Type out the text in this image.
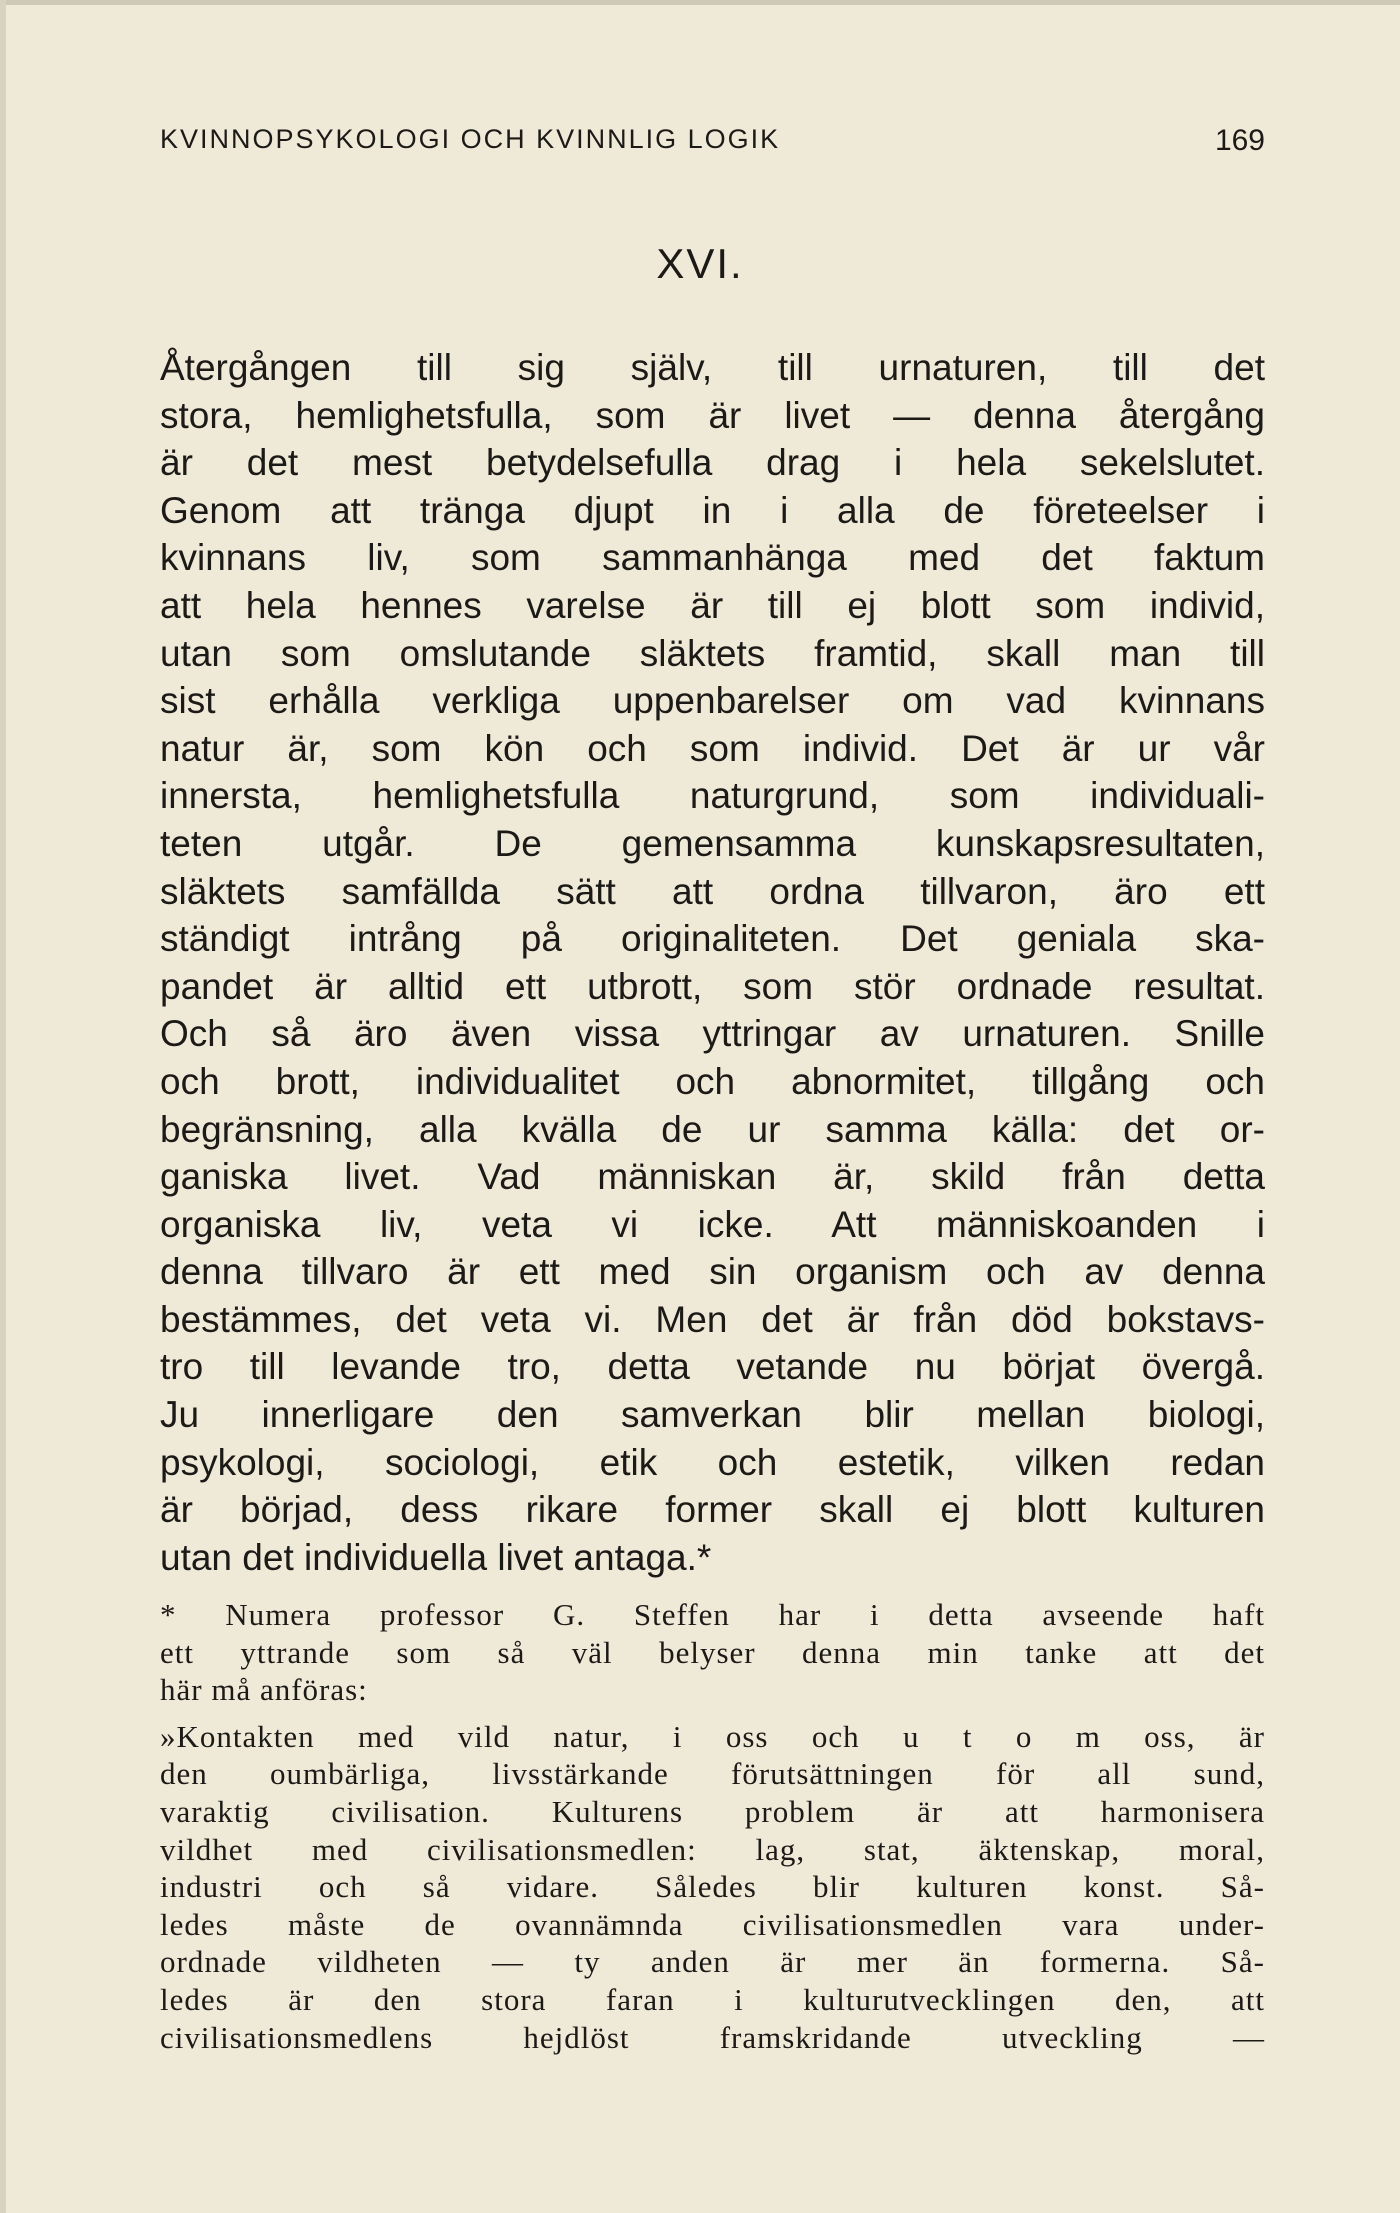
KVINNOPSYKOLOGI OCH KVINNLIG LOGIK	169
XVI.
Återgången till sig själv, till urnaturen, till det
stora, hemlighetsfulla, som är livet — denna återgång
är det mest betydelsefulla drag i hela sekelslutet.
Genom att tränga djupt in i alla de företeelser i
kvinnans liv, som sammanhänga med det faktum
att hela hennes varelse är till ej blott som individ,
utan som omslutande släktets framtid, skall man till
sist erhålla verkliga uppenbarelser om vad kvinnans
natur är, som kön och som individ. Det är ur vår
innersta, hemlighetsfulla naturgrund, som individuali-
teten utgår. De gemensamma kunskapsresultaten,
släktets samfällda sätt att ordna tillvaron, äro ett
ständigt intrång på originaliteten. Det geniala ska-
pandet är alltid ett utbrott, som stör ordnade resultat.
Och så äro även vissa yttringar av urnaturen. Snille
och brott, individualitet och abnormitet, tillgång och
begränsning, alla kvälla de ur samma källa: det or-
ganiska livet. Vad människan är, skild från detta
organiska liv, veta vi icke. Att människoanden i
denna tillvaro är ett med sin organism och av denna
bestämmes, det veta vi. Men det är från död bokstavs-
tro till levande tro, detta vetande nu börjat övergå.
Ju innerligare den samverkan blir mellan biologi,
psykologi, sociologi, etik och estetik, vilken redan
är börjad, dess rikare former skall ej blott kulturen
utan det individuella livet antaga.*
* Numera professor G. Steffen har i detta avseende haft
ett yttrande som så väl belyser denna min tanke att det
här må anföras:
»Kontakten med vild natur, i oss och u t o m oss, är
den oumbärliga, livsstärkande förutsättningen för all sund,
varaktig civilisation. Kulturens problem är att harmonisera
vildhet med civilisationsmedlen: lag, stat, äktenskap, moral,
industri och så vidare. Således blir kulturen konst. Så-
ledes måste de ovannämnda civilisationsmedlen vara under-
ordnade vildheten — ty anden är mer än formerna. Så-
ledes är den stora faran i kulturutvecklingen den, att
civilisationsmedlens hejdlöst framskridande utveckling —
